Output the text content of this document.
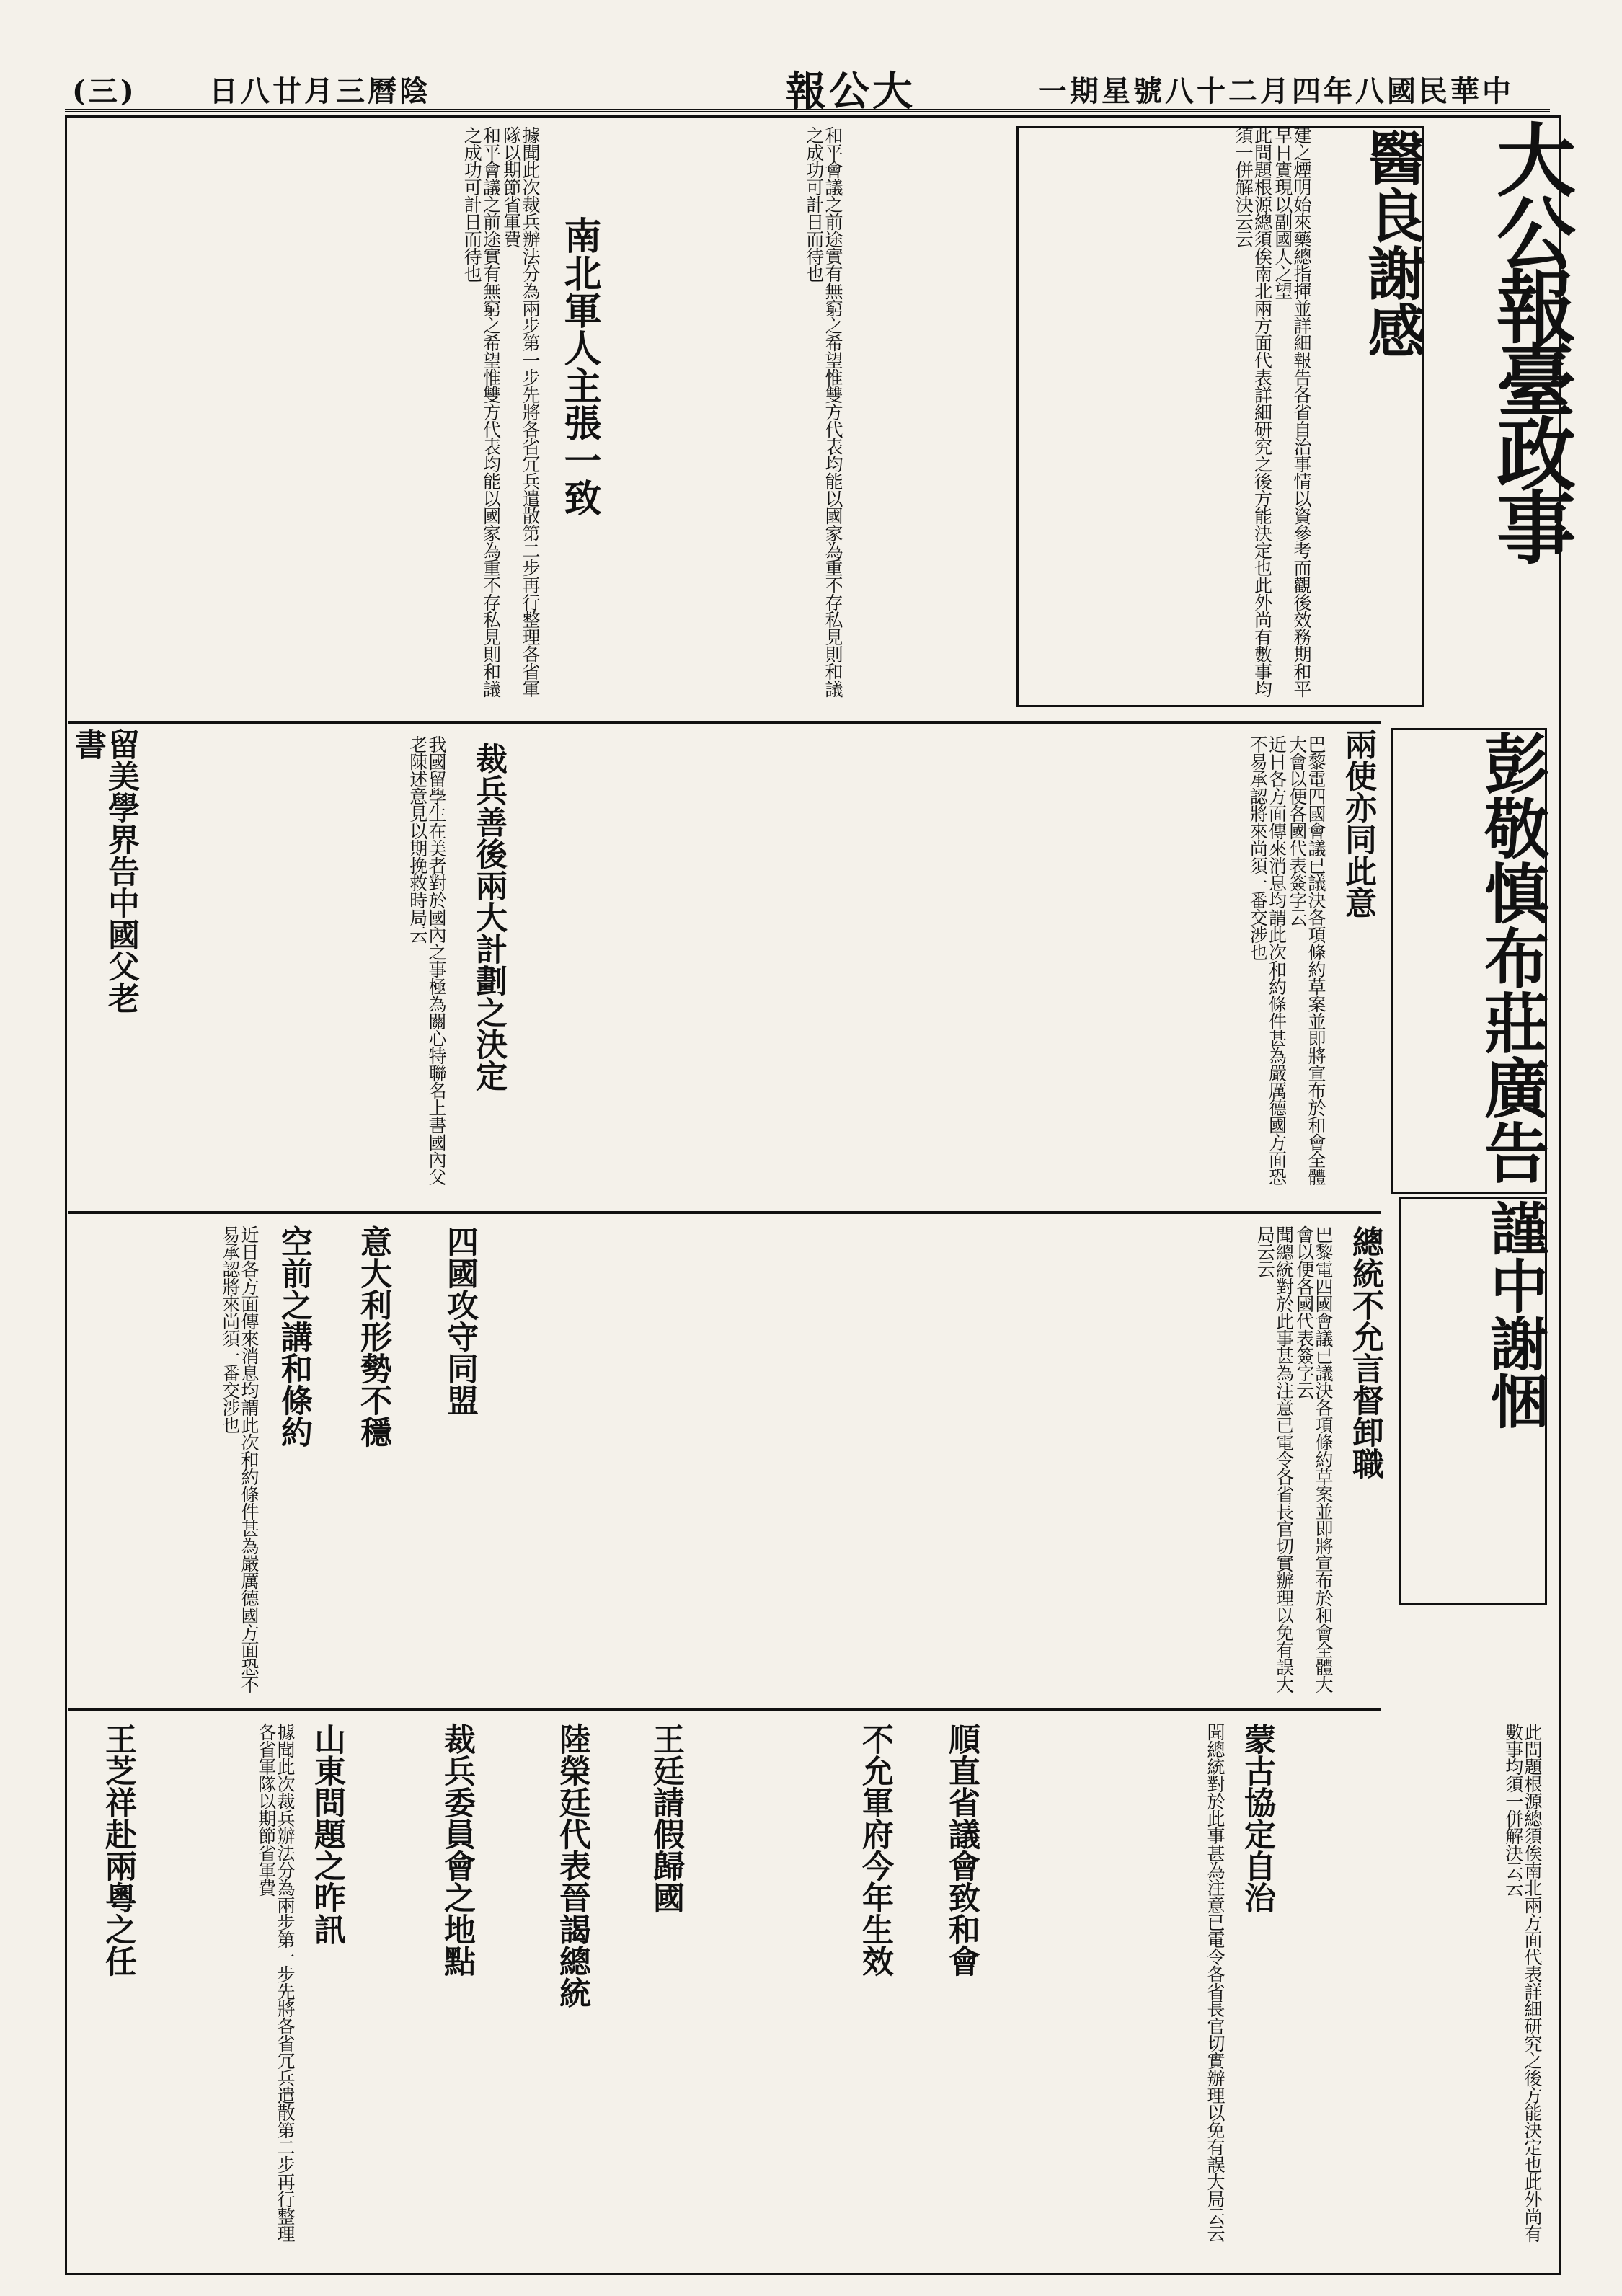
(三)	日八廿月三曆陰	報公大	一期星號八十二月四年八國民華中
大公報臺政事
醫良謝感
彭敬慎布莊廣告
謹中謝悃
南北軍人主張一致
裁兵善後兩大計劃之決定
四國攻守同盟
意大利形勢不穩
空前之講和條約
留美學界告中國父老書
總統不允言督卸職
兩使亦同此意
蒙古協定自治
山東問題之昨訊	裁兵委員會之地點
王芝祥赴兩粵之任	順直省議會致和會
不允軍府今年生效
王廷請假歸國
陸榮廷代表晉謁總統

建之煙明始來藥總指揮並詳細報告各省自治事情以資參考而觀後效務期和平早日實現以副國人之望

此問題根源總須俟南北兩方面代表詳細研究之後方能決定也此外尚有數事均須一併解決云云

和平會議之前途實有無窮之希望惟雙方代表均能以國家為重不存私見則和議之成功可計日而待也

據聞此次裁兵辦法分為兩步第一步先將各省冗兵遣散第二步再行整理各省軍隊以期節省軍費

和平會議之前途實有無窮之希望惟雙方代表均能以國家為重不存私見則和議之成功可計日而待也

巴黎電四國會議已議決各項條約草案並即將宣布於和會全體大會以便各國代表簽字云

近日各方面傳來消息均謂此次和約條件甚為嚴厲德國方面恐不易承認將來尚須一番交涉也

我國留學生在美者對於國內之事極為關心特聯名上書國內父老陳述意見以期挽救時局云

巴黎電四國會議已議決各項條約草案並即將宣布於和會全體大會以便各國代表簽字云

聞總統對於此事甚為注意已電令各省長官切實辦理以免有誤大局云云

近日各方面傳來消息均謂此次和約條件甚為嚴厲德國方面恐不易承認將來尚須一番交涉也

聞總統對於此事甚為注意已電令各省長官切實辦理以免有誤大局云云	此問題根源總須俟南北兩方面代表詳細研究之後方能決定也此外尚有數事均須一併解決云云

據聞此次裁兵辦法分為兩步第一步先將各省冗兵遣散第二步再行整理各省軍隊以期節省軍費
